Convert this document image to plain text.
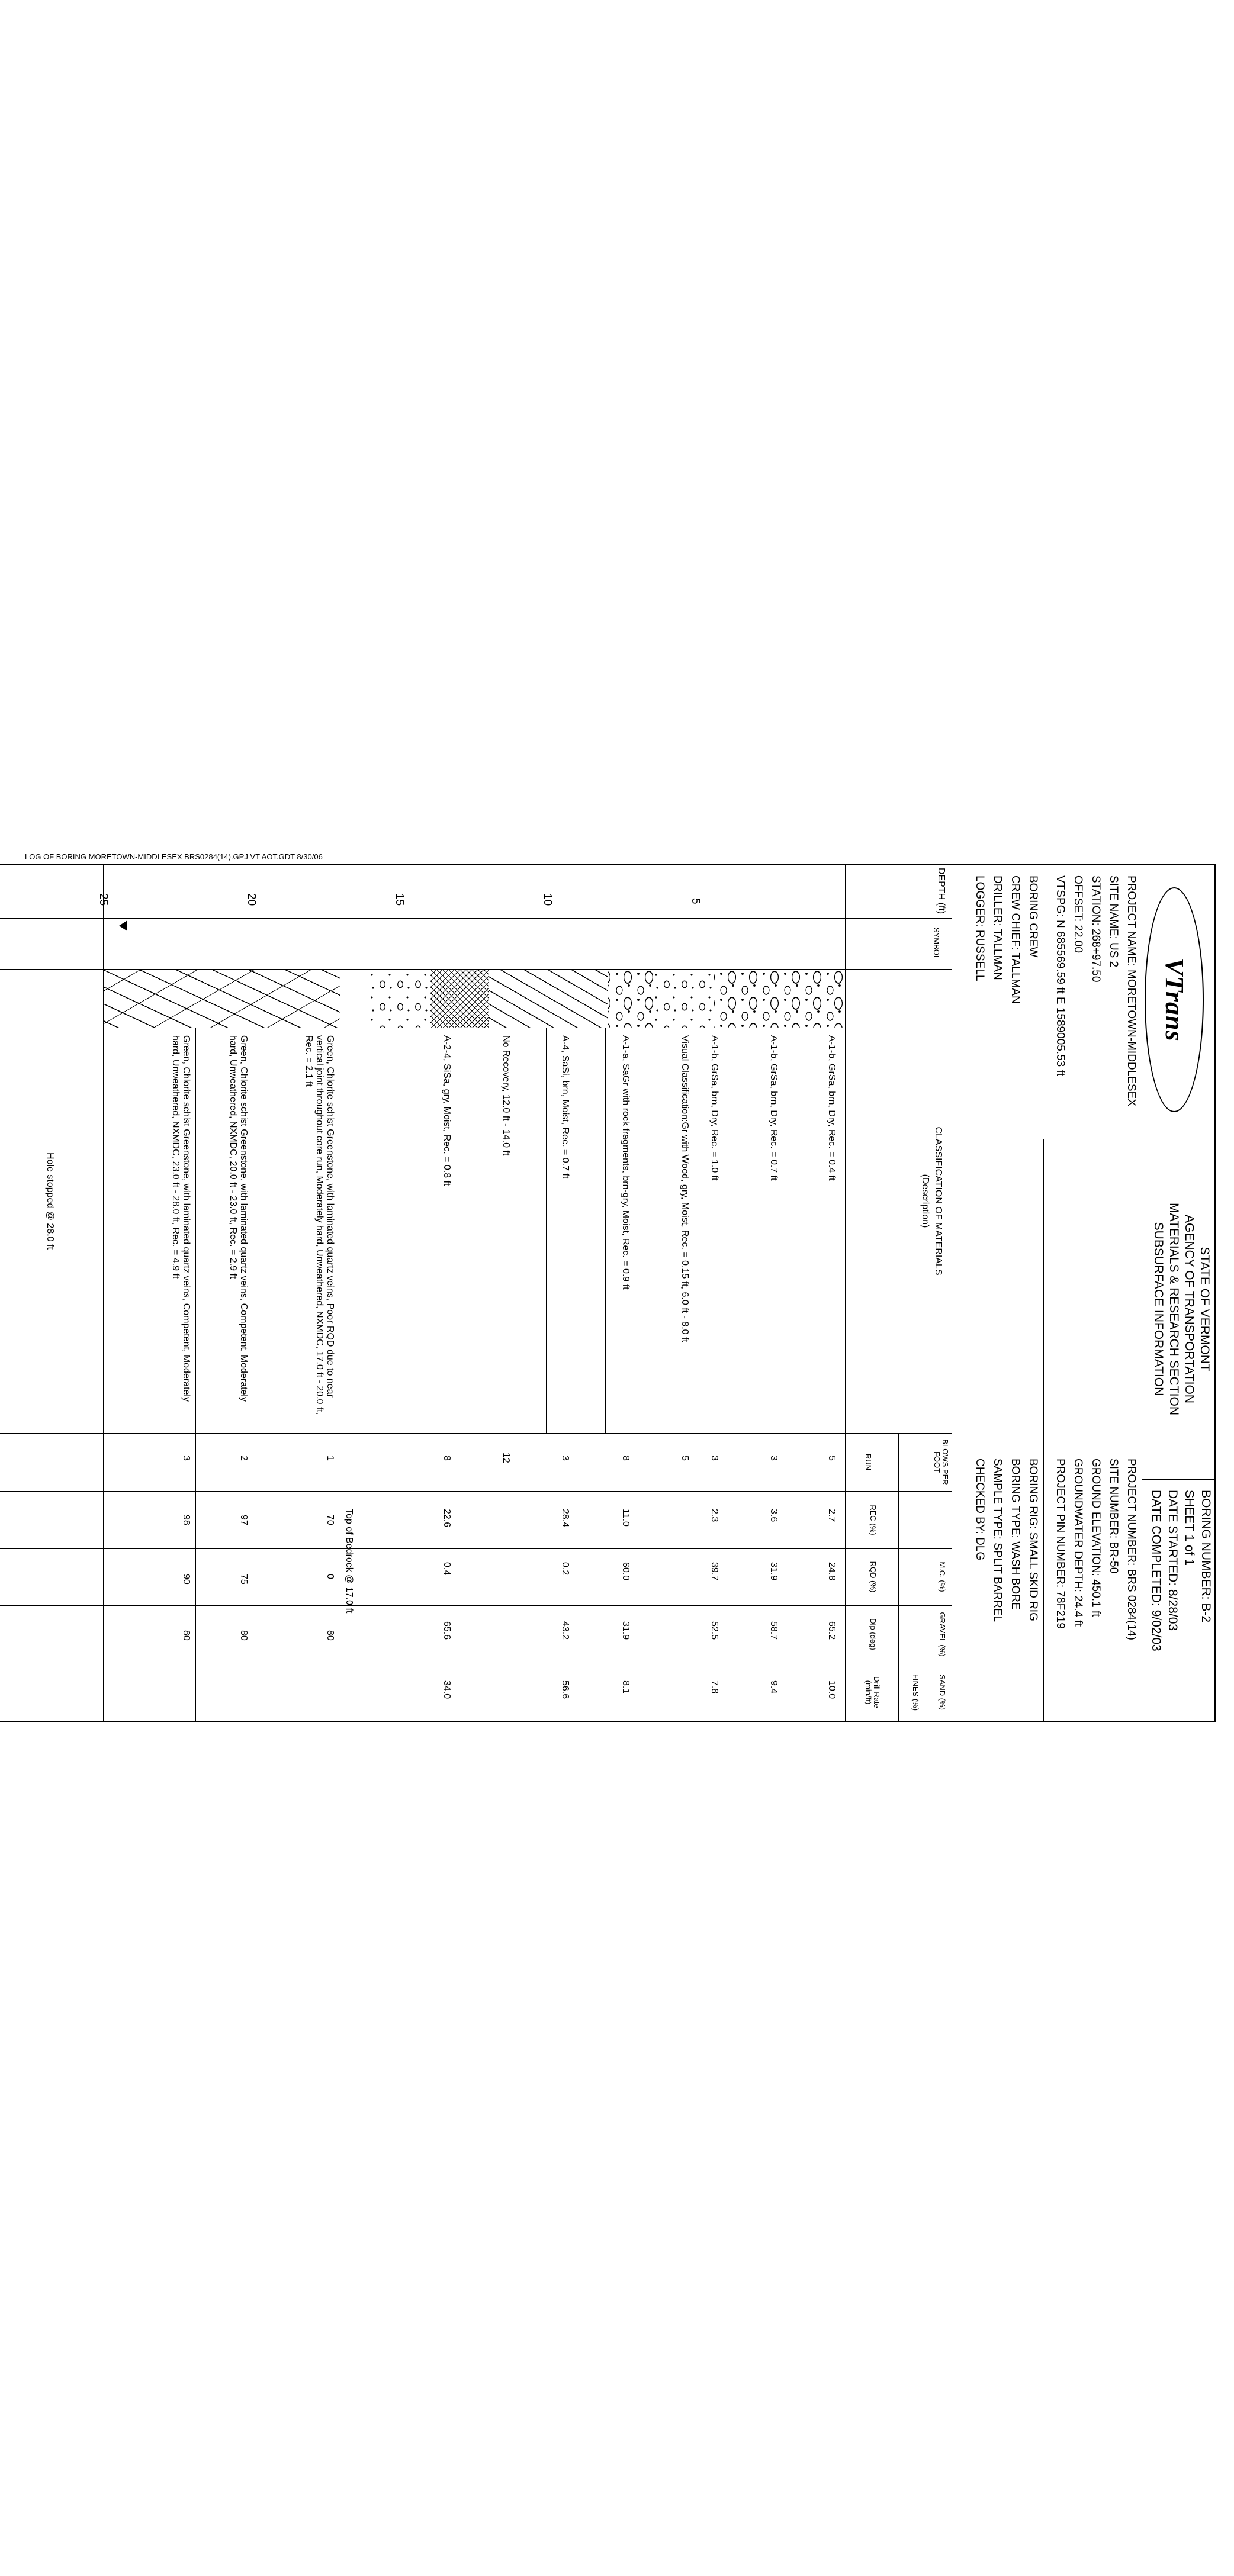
LOG OF BORING MORETOWN-MIDDLESEX BRS0284(14).GPJ VT AOT.GDT 8/30/06
VTrans
STATE OF VERMONT
AGENCY OF TRANSPORTATION
MATERIALS & RESEARCH SECTION
SUBSURFACE INFORMATION
BORING NUMBER: B-2
SHEET 1 of 1
DATE STARTED: 8/28/03
DATE COMPLETED: 9/02/03
PROJECT NAME: MORETOWN-MIDDLESEX
SITE NAME: US 2
STATION: 268+97.50
OFFSET: 22.00
VTSPG: N 685569.59 ft E 1589005.53 ft
PROJECT NUMBER: BRS 0284(14)
SITE NUMBER: BR-50
GROUND ELEVATION: 450.1 ft
GROUNDWATER DEPTH: 24.4 ft
PROJECT PIN NUMBER: 78F219
BORING CREW
CREW CHIEF: TALLMAN
DRILLER: TALLMAN
LOGGER: RUSSELL
BORING RIG: SMALL SKID RIG
BORING TYPE: WASH BORE
SAMPLE TYPE: SPLIT BARREL
CHECKED BY: DLG
DEPTH (ft)
SYMBOL
CLASSIFICATION OF MATERIALS
(Description)
BLOWS PER FOOT
RUN
M.C. (%)
REC (%)
GRAVEL (%)
RQD (%)
SAND (%)
Dip (deg)
Drill Rate (min/ft)	FINES (%)
5
10
15
20
25
A-1-b, GrSa, brn, Dry, Rec. = 0.4 ft
5
2.7
24.8
65.2
10.0
A-1-b, GrSa, brn, Dry, Rec. = 0.7 ft
3
3.6
31.9
58.7
9.4
A-1-b, GrSa, brn, Dry, Rec. = 1.0 ft
3
2.3
39.7
52.5
7.8
Visual Classification:Gr with Wood, gry, Moist, Rec. = 0.15 ft, 6.0 ft - 8.0 ft
5
A-1-a, SaGr with rock fragments, brn-gry, Moist, Rec. = 0.9 ft
8
11.0
60.0
31.9
8.1
A-4, SaSi, brn, Moist, Rec. = 0.7 ft
3
28.4
0.2
43.2
56.6
No Recovery, 12.0 ft - 14.0 ft
12
A-2-4, SiSa, gry, Moist, Rec. = 0.8 ft
8
22.6
0.4
65.6
34.0
Top of Bedrock @ 17.0 ft
Green, Chlorite schist Greenstone, with laminated quartz veins, Poor RQD due to near vertical joint throughout core run, Moderately hard, Unweathered, NXMDC, 17.0 ft - 20.0 ft, Rec. = 2.1 ft
1
70
0
80
Green, Chlorite schist Greenstone, with laminated quartz veins, Competent, Moderately hard, Unweathered, NXMDC, 20.0 ft - 23.0 ft, Rec. = 2.9 ft
2
97
75
80
Green, Chlorite schist Greenstone, with laminated quartz veins, Competent, Moderately hard, Unweathered, NXMDC, 23.0 ft - 28.0 ft, Rec. = 4.9 ft
3
98
90
80
Hole stopped @ 28.0 ft
